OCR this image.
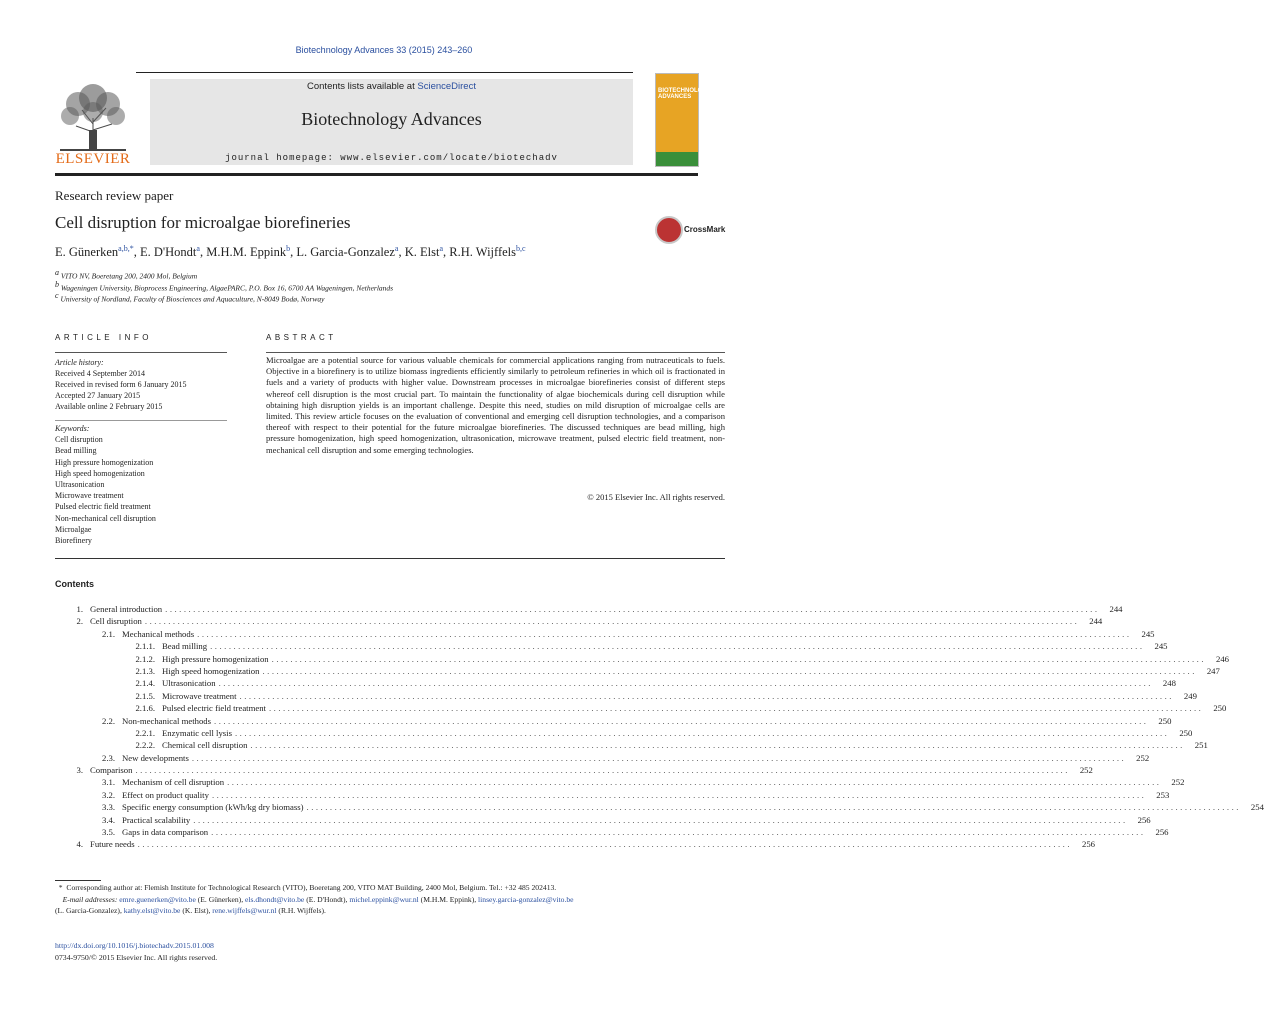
Biotechnology Advances 33 (2015) 243–260
ELSEVIER
Contents lists available at ScienceDirect
Biotechnology Advances
journal homepage: www.elsevier.com/locate/biotechadv
BIOTECHNOLOGY ADVANCES
Research review paper
Cell disruption for microalgae biorefineries	CrossMark
E. Günerken$^{a,b,*}$, E. D'Hondt$^a$, M.H.M. Eppink$^b$, L. Garcia-Gonzalez$^a$, K. Elst$^a$, R.H. Wijffels$^{b,c}$
$^a$ VITO NV, Boeretang 200, 2400 Mol, Belgium
$^b$ Wageningen University, Bioprocess Engineering, AlgaePARC, P.O. Box 16, 6700 AA Wageningen, Netherlands
$^c$ University of Nordland, Faculty of Biosciences and Aquaculture, N-8049 Bodø, Norway
ARTICLE INFO
Article history:
Received 4 September 2014
Received in revised form 6 January 2015
Accepted 27 January 2015
Available online 2 February 2015
Keywords:
Cell disruption
Bead milling
High pressure homogenization
High speed homogenization
Ultrasonication
Microwave treatment
Pulsed electric field treatment
Non-mechanical cell disruption
Microalgae
Biorefinery
ABSTRACT
Microalgae are a potential source for various valuable chemicals for commercial applications ranging from nutraceuticals to fuels. Objective in a biorefinery is to utilize biomass ingredients efficiently similarly to petroleum refineries in which oil is fractionated in fuels and a variety of products with higher value. Downstream processes in microalgae biorefineries consist of different steps whereof cell disruption is the most crucial part. To maintain the functionality of algae biochemicals during cell disruption while obtaining high disruption yields is an important challenge. Despite this need, studies on mild disruption of microalgae cells are limited. This review article focuses on the evaluation of conventional and emerging cell disruption technologies, and a comparison thereof with respect to their potential for the future microalgae biorefineries. The discussed techniques are bead milling, high pressure homogenization, high speed homogenization, ultrasonication, microwave treatment, pulsed electric field treatment, non-mechanical cell disruption and some emerging technologies.
© 2015 Elsevier Inc. All rights reserved.
Contents
1. General introduction ........................................................................................................................................................................................................	244
2. Cell disruption ........................................................................................................................................................................................................	244
2.1. Mechanical methods ........................................................................................................................................................................................................	245
2.1.1. Bead milling ........................................................................................................................................................................................................	245
2.1.2. High pressure homogenization ........................................................................................................................................................................................................	246
2.1.3. High speed homogenization ........................................................................................................................................................................................................	247
2.1.4. Ultrasonication ........................................................................................................................................................................................................	248
2.1.5. Microwave treatment ........................................................................................................................................................................................................	249
2.1.6. Pulsed electric field treatment ........................................................................................................................................................................................................	250
2.2. Non-mechanical methods ........................................................................................................................................................................................................	250
2.2.1. Enzymatic cell lysis ........................................................................................................................................................................................................	250
2.2.2. Chemical cell disruption ........................................................................................................................................................................................................	251
2.3. New developments ........................................................................................................................................................................................................	252
3. Comparison ........................................................................................................................................................................................................	252
3.1. Mechanism of cell disruption ........................................................................................................................................................................................................	252
3.2. Effect on product quality ........................................................................................................................................................................................................	253
3.3. Specific energy consumption (kWh/kg dry biomass) ........................................................................................................................................................................................................	254
3.4. Practical scalability ........................................................................................................................................................................................................	256
3.5. Gaps in data comparison ........................................................................................................................................................................................................	256
4. Future needs ........................................................................................................................................................................................................	256
* Corresponding author at: Flemish Institute for Technological Research (VITO), Boeretang 200, VITO MAT Building, 2400 Mol, Belgium. Tel.: +32 485 202413.
E-mail addresses: emre.guenerken@vito.be (E. Günerken), els.dhondt@vito.be (E. D'Hondt), michel.eppink@wur.nl (M.H.M. Eppink), linsey.garcia-gonzalez@vito.be
(L. Garcia-Gonzalez), kathy.elst@vito.be (K. Elst), rene.wijffels@wur.nl (R.H. Wijffels).
http://dx.doi.org/10.1016/j.biotechadv.2015.01.008
0734-9750/© 2015 Elsevier Inc. All rights reserved.
